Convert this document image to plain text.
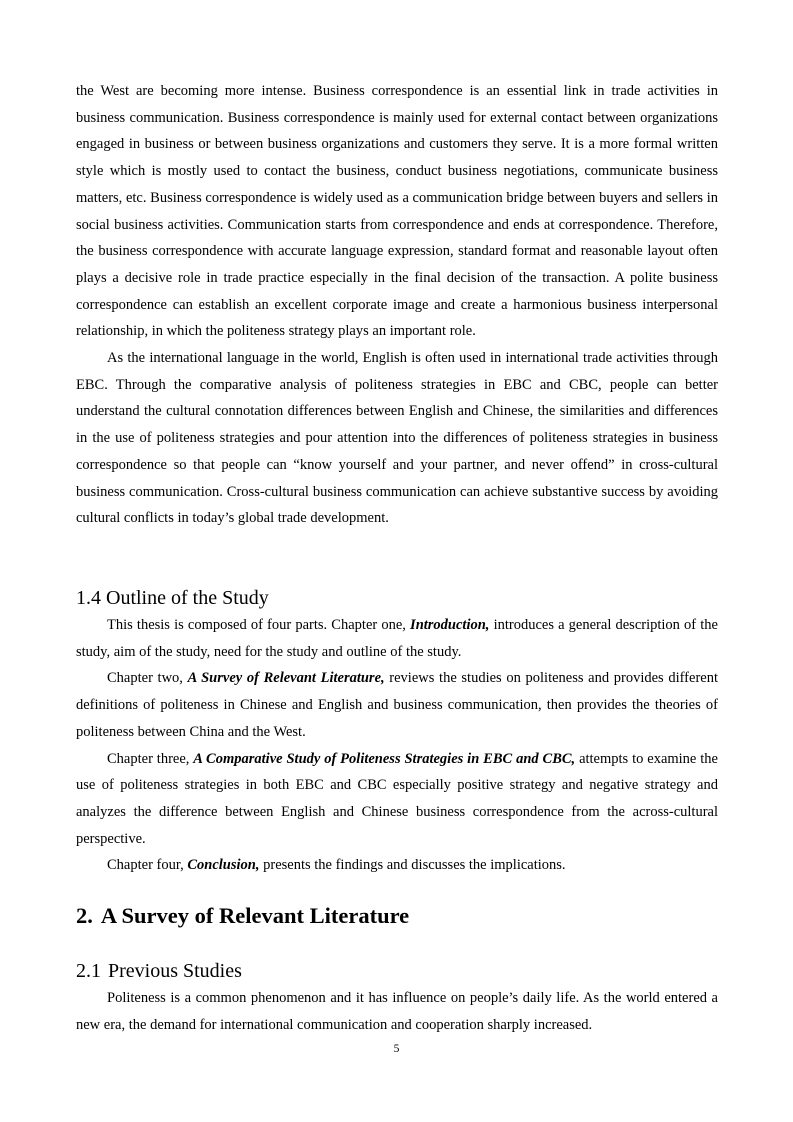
the West are becoming more intense. Business correspondence is an essential link in trade activities in business communication. Business correspondence is mainly used for external contact between organizations engaged in business or between business organizations and customers they serve. It is a more formal written style which is mostly used to contact the business, conduct business negotiations, communicate business matters, etc. Business correspondence is widely used as a communication bridge between buyers and sellers in social business activities. Communication starts from correspondence and ends at correspondence. Therefore, the business correspondence with accurate language expression, standard format and reasonable layout often plays a decisive role in trade practice especially in the final decision of the transaction. A polite business correspondence can establish an excellent corporate image and create a harmonious business interpersonal relationship, in which the politeness strategy plays an important role.

As the international language in the world, English is often used in international trade activities through EBC. Through the comparative analysis of politeness strategies in EBC and CBC, people can better understand the cultural connotation differences between English and Chinese, the similarities and differences in the use of politeness strategies and pour attention into the differences of politeness strategies in business correspondence so that people can “know yourself and your partner, and never offend” in cross-cultural business communication. Cross-cultural business communication can achieve substantive success by avoiding cultural conflicts in today’s global trade development.

1.4 Outline of the Study

This thesis is composed of four parts. Chapter one, Introduction, introduces a general description of the study, aim of the study, need for the study and outline of the study.

Chapter two, A Survey of Relevant Literature, reviews the studies on politeness and provides different definitions of politeness in Chinese and English and business communication, then provides the theories of politeness between China and the West.

Chapter three, A Comparative Study of Politeness Strategies in EBC and CBC, attempts to examine the use of politeness strategies in both EBC and CBC especially positive strategy and negative strategy and analyzes the difference between English and Chinese business correspondence from the across-cultural perspective.

Chapter four, Conclusion, presents the findings and discusses the implications.

2. A Survey of Relevant Literature
2.1 Previous Studies

Politeness is a common phenomenon and it has influence on people’s daily life. As the world entered a new era, the demand for international communication and cooperation sharply increased.

5
